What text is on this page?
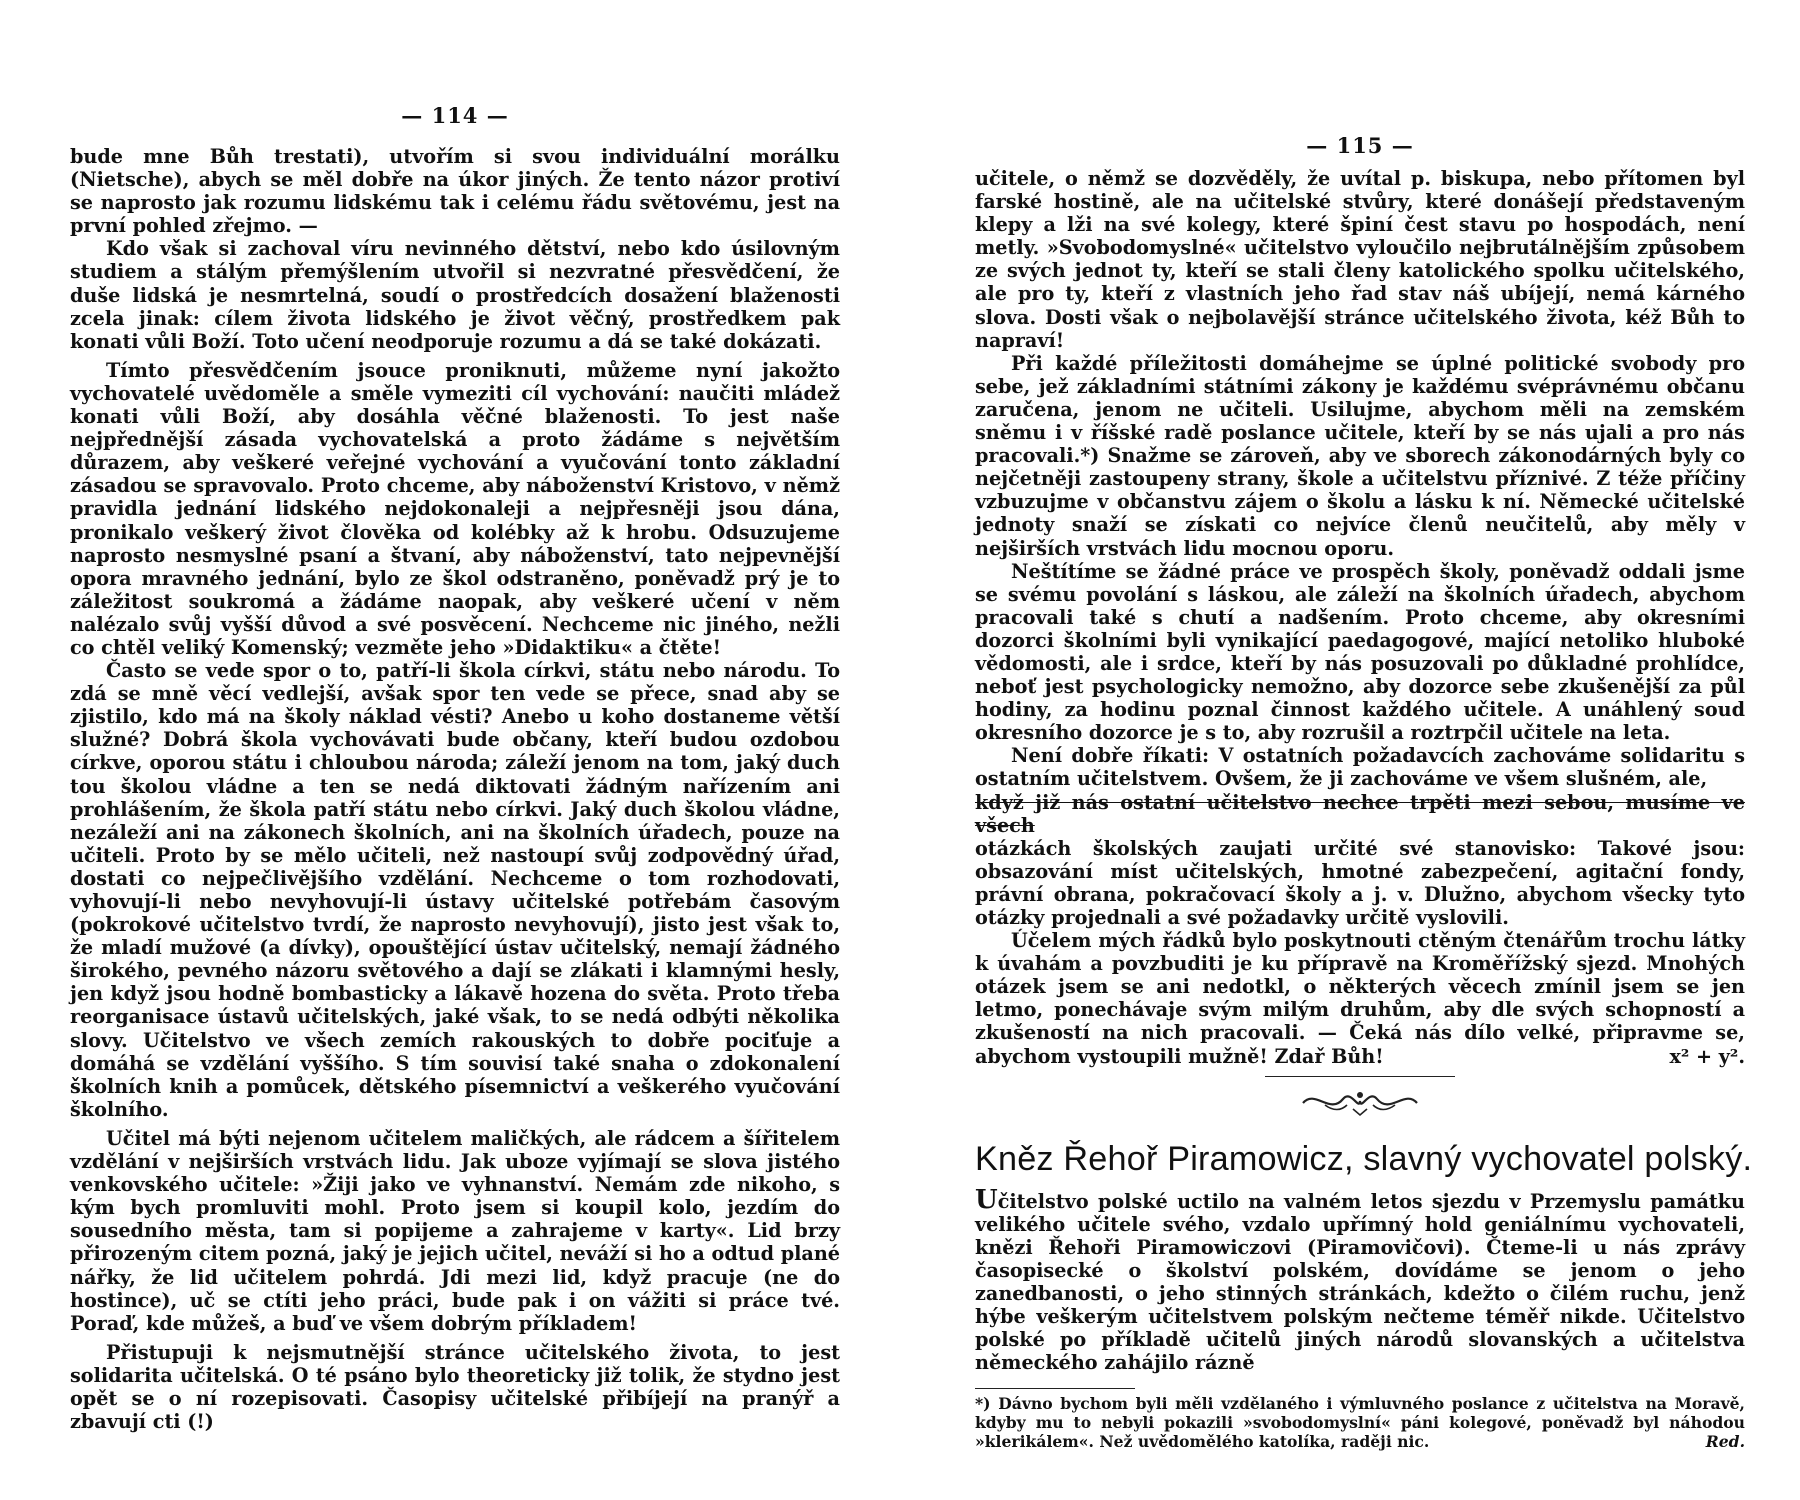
— 114 —

bude mne Bůh trestati), utvořím si svou individuální morálku (Nietsche), abych se měl dobře na úkor jiných. Že tento názor protiví se naprosto jak rozumu lidskému tak i celému řádu světovému, jest na první pohled zřejmo. —

Kdo však si zachoval víru nevinného dětství, nebo kdo úsilovným studiem a stálým přemýšlením utvořil si nezvratné přesvědčení, že duše lidská je nesmrtelná, soudí o prostředcích dosažení blaženosti zcela jinak: cílem života lidského je život věčný, prostředkem pak konati vůli Boží. Toto učení neodporuje rozumu a dá se také dokázati.

Tímto přesvědčením jsouce proniknuti, můžeme nyní jakožto vychovatelé uvědoměle a směle vymeziti cíl vychování: naučiti mládež konati vůli Boží, aby dosáhla věčné blaženosti. To jest naše nejpřednější zásada vychovatelská a proto žádáme s největším důrazem, aby veškeré veřejné vychování a vyučování tonto základní zásadou se spravovalo. Proto chceme, aby náboženství Kristovo, v němž pravidla jednání lidského nejdokonaleji a nejpřesněji jsou dána, pronikalo veškerý život člověka od kolébky až k hrobu. Odsuzujeme naprosto nesmyslné psaní a štvaní, aby náboženství, tato nejpevnější opora mravného jednání, bylo ze škol odstraněno, poněvadž prý je to záležitost soukromá a žádáme naopak, aby veškeré učení v něm nalézalo svůj vyšší důvod a své posvěcení. Nechceme nic jiného, nežli co chtěl veliký Komenský; vezměte jeho »Didaktiku« a čtěte!

Často se vede spor o to, patří-li škola církvi, státu nebo národu. To zdá se mně věcí vedlejší, avšak spor ten vede se přece, snad aby se zjistilo, kdo má na školy náklad vésti? Anebo u koho dostaneme větší služné? Dobrá škola vychovávati bude občany, kteří budou ozdobou církve, oporou státu i chloubou národa; záleží jenom na tom, jaký duch tou školou vládne a ten se nedá diktovati žádným nařízením ani prohlášením, že škola patří státu nebo církvi. Jaký duch školou vládne, nezáleží ani na zákonech školních, ani na školních úřadech, pouze na učiteli. Proto by se mělo učiteli, než nastoupí svůj zodpovědný úřad, dostati co nejpečlivějšího vzdělání. Nechceme o tom rozhodovati, vyhovují-li nebo nevyhovují-li ústavy učitelské potřebám časovým (pokrokové učitelstvo tvrdí, že naprosto nevyhovují), jisto jest však to, že mladí mužové (a dívky), opouštějící ústav učitelský, nemají žádného širokého, pevného názoru světového a dají se zlákati i klamnými hesly, jen když jsou hodně bombasticky a lákavě hozena do světa. Proto třeba reorganisace ústavů učitelských, jaké však, to se nedá odbýti několika slovy. Učitelstvo ve všech zemích rakouských to dobře pociťuje a domáhá se vzdělání vyššího. S tím souvisí také snaha o zdokonalení školních knih a pomůcek, dětského písemnictví a veškerého vyučování školního.

Učitel má býti nejenom učitelem maličkých, ale rádcem a šířitelem vzdělání v nejširších vrstvách lidu. Jak uboze vyjímají se slova jistého venkovského učitele: »Žiji jako ve vyhnanství. Nemám zde nikoho, s kým bych promluviti mohl. Proto jsem si koupil kolo, jezdím do sousedního města, tam si popijeme a zahrajeme v karty«. Lid brzy přirozeným citem pozná, jaký je jejich učitel, neváží si ho a odtud plané nářky, že lid učitelem pohrdá. Jdi mezi lid, když pracuje (ne do hostince), uč se ctíti jeho práci, bude pak i on vážiti si práce tvé. Poraď, kde můžeš, a buď ve všem dobrým příkladem!

Přistupuji k nejsmutnější stránce učitelského života, to jest solidarita učitelská. O té psáno bylo theoreticky již tolik, že stydno jest opět se o ní rozepisovati. Časopisy učitelské přibíjejí na pranýř a zbavují cti (!)

— 115 —

učitele, o němž se dozvěděly, že uvítal p. biskupa, nebo přítomen byl farské hostině, ale na učitelské stvůry, které donášejí představeným klepy a lži na své kolegy, které špiní čest stavu po hospodách, není metly. »Svobodomyslné« učitelstvo vyloučilo nejbrutálnějším způsobem ze svých jednot ty, kteří se stali členy katolického spolku učitelského, ale pro ty, kteří z vlastních jeho řad stav náš ubíjejí, nemá kárného slova. Dosti však o nejbolavější stránce učitelského života, kéž Bůh to napraví!

Při každé příležitosti domáhejme se úplné politické svobody pro sebe, jež základními státními zákony je každému svéprávnému občanu zaručena, jenom ne učiteli. Usilujme, abychom měli na zemském sněmu i v říšské radě poslance učitele, kteří by se nás ujali a pro nás pracovali.*) Snažme se zároveň, aby ve sborech zákonodárných byly co nejčetněji zastoupeny strany, škole a učitelstvu příznivé. Z téže příčiny vzbuzujme v občanstvu zájem o školu a lásku k ní. Německé učitelské jednoty snaží se získati co nejvíce členů neučitelů, aby měly v nejširších vrstvách lidu mocnou oporu.

Neštítíme se žádné práce ve prospěch školy, poněvadž oddali jsme se svému povolání s láskou, ale záleží na školních úřadech, abychom pracovali také s chutí a nadšením. Proto chceme, aby okresními dozorci školními byli vynikající paedagogové, mající netoliko hluboké vědomosti, ale i srdce, kteří by nás posuzovali po důkladné prohlídce, neboť jest psychologicky nemožno, aby dozorce sebe zkušenější za půl hodiny, za hodinu poznal činnost každého učitele. A unáhlený soud okresního dozorce je s to, aby rozrušil a roztrpčil učitele na leta.

Není dobře říkati: V ostatních požadavcích zachováme solidaritu s ostatním učitelstvem. Ovšem, že ji zachováme ve všem slušném, ale,

když již nás ostatní učitelstvo nechce trpěti mezi sebou, musíme ve všech

otázkách školských zaujati určité své stanovisko: Takové jsou: obsazování míst učitelských, hmotné zabezpečení, agitační fondy, právní obrana, pokračovací školy a j. v. Dlužno, abychom všecky tyto otázky projednali a své požadavky určitě vyslovili.

Účelem mých řádků bylo poskytnouti ctěným čtenářům trochu látky k úvahám a povzbuditi je ku přípravě na Kroměřížský sjezd. Mnohých otázek jsem se ani nedotkl, o některých věcech zmínil jsem se jen letmo, ponechávaje svým milým druhům, aby dle svých schopností a zkušeností na nich pracovali. — Čeká nás dílo velké, připravme se, abychom vystoupili mužně! Zdař Bůh!	x² + y².

Kněz Řehoř Piramowicz, slavný vychovatel polský.

Učitelstvo polské uctilo na valném letos sjezdu v Przemyslu památku velikého učitele svého, vzdalo upřímný hold geniálnímu vychovateli, knězi Řehoři Piramowiczovi (Piramovičovi). Čteme-li u nás zprávy časopisecké o školství polském, dovídáme se jenom o jeho zanedbanosti, o jeho stinných stránkách, kdežto o čilém ruchu, jenž hýbe veškerým učitelstvem polským nečteme téměř nikde. Učitelstvo polské po příkladě učitelů jiných národů slovanských a učitelstva německého zahájilo rázně

*) Dávno bychom byli měli vzdělaného i výmluvného poslance z učitelstva na Moravě, kdyby mu to nebyli pokazili »svobodomyslní« páni kolegové, poněvadž byl náhodou »klerikálem«. Než uvědomělého katolíka, raději nic.	Red.
